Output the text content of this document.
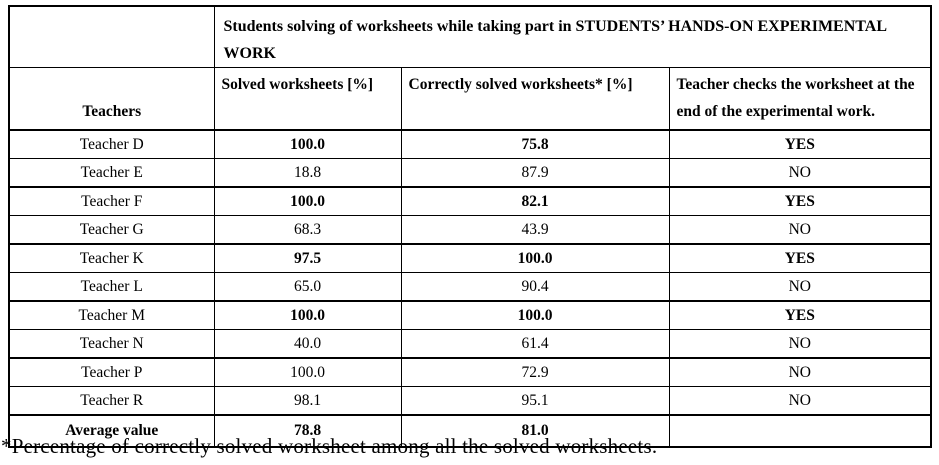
	Students solving of worksheets while taking part in STUDENTS’ HANDS-ON EXPERIMENTAL WORK		
Teachers	Solved worksheets [%]	Correctly solved worksheets* [%]	Teacher checks the worksheet at the end of the experimental work.
Teacher D	100.0	75.8	YES
Teacher E	18.8	87.9	NO
Teacher F	100.0	82.1	YES
Teacher G	68.3	43.9	NO
Teacher K	97.5	100.0	YES
Teacher L	65.0	90.4	NO
Teacher M	100.0	100.0	YES
Teacher N	40.0	61.4	NO
Teacher P	100.0	72.9	NO
Teacher R	98.1	95.1	NO
Average value	78.8	81.0	
*Percentage of correctly solved worksheet among all the solved worksheets.
